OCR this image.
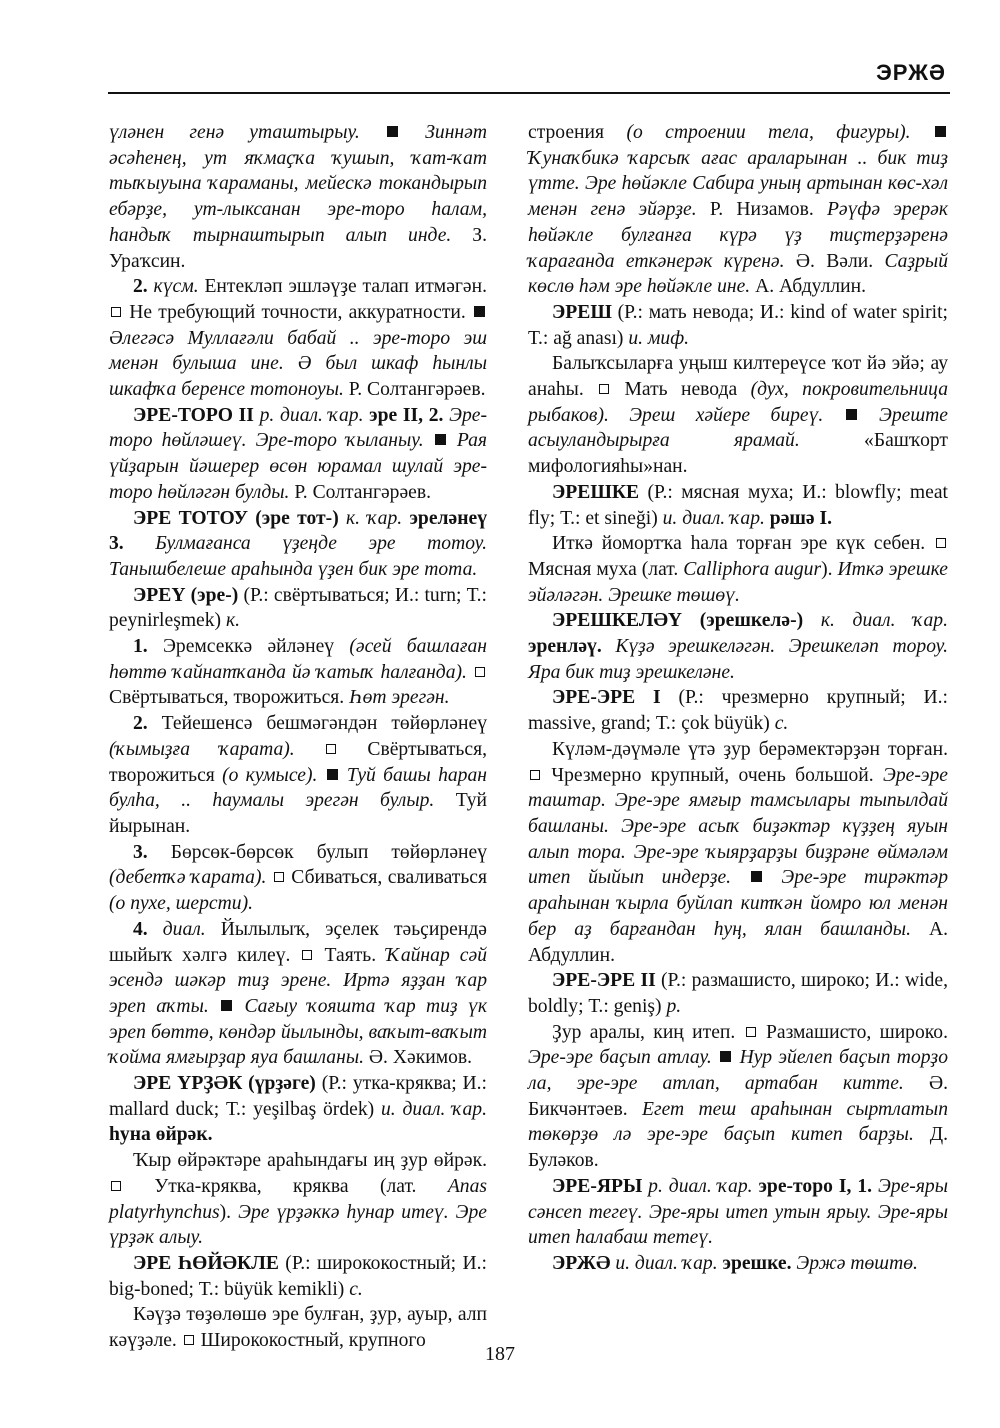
ЭРЖӘ

үләнен генә уташтырыу.  Зиннәт әсәһенең, ут яҡмаҫҡа ҡушып, ҡат-ҡат тыҡыуына ҡараманы, мейескә токандырып ебәрҙе, ут-лыксанан эре-торо һалам, һандыҡ тырнаштырып алып инде. З. Ураҡсин.

2. күсм. Ентекләп эшләүҙе талап итмәгән.  Не требующий точности, аккуратности.  Әлегәсә Муллағәли бабай .. эре-торо эш менән булыша ине. Ә был шкаф һынлы шкафҡа беренсе тотоноуы. Р. Солтангәрәев.

ЭРЕ-ТОРО II р. диал. ҡар. эре II, 2. Эре-торо һөйләшеү. Эре-торо ҡыланыу.  Рая үйҙарын йәшерер өсөн юрамал шулай эре-торо һөйләгән булды. Р. Солтангәрәев.

ЭРЕ ТОТОУ (эре тот-) к. ҡар. эреләнеү 3. Булмағанса үҙеңде эре тотоу. Танышбелеше араһында үҙен бик эре тота.

ЭРЕҮ (эре-) (Р.: свёртываться; И.: turn; Т.: peynirleşmek) к.

1. Эремсеккә әйләнеү (әсей башлаған һөттө ҡайнатҡанда йә ҡатыҡ һалғанда).  Свёртываться, творожиться. Һөт эрегән.

2. Тейешенсә бешмәгәндән төйөрләнеү (ҡымыҙға ҡарата).  Свёртываться, творожиться (о кумысе).  Туй башы һаран булһа, .. һаумалы эрегән булыр. Туй йырынан.

3. Бөрсөк-бөрсөк булып төйөрләнеү (дебетҡә ҡарата).  Сбиваться, сваливаться (о пухе, шерсти).

4. диал. Йылылыҡ, эҫелек тәьҫирендә шыйыҡ хәлгә килеү.  Таять. Ҡайнар сәй эсендә шәкәр тиҙ эрене. Иртә яҙҙан ҡар эреп аҡты.  Сағыу ҡояшта ҡар тиҙ үк эреп бөттө, көндәр йылынды, ваҡыт-ваҡыт ҡойма ямғырҙар яуа башланы. Ә. Хәкимов.

ЭРЕ ҮРҘӘК (үрҙәге) (Р.: утка-кряква; И.: mallard duck; Т.: yeşilbaş ördek) и. диал. ҡар. һуна өйрәк.

Ҡыр өйрәктәре араһындағы иң ҙур өйрәк.  Утка-кряква, кряква (лат. Anas platyrhynchus). Эре үрҙәккә һунар итеү. Эре үрҙәк алыу.

ЭРЕ ҺӨЙӘКЛЕ (Р.: ширококостный; И.: big-boned; Т.: büyük kemikli) с.

Кәүҙә төҙөлөшө эре булған, ҙур, ауыр, алп кәүҙәле.  Ширококостный, крупного

строения (о строении тела, фигуры).  Ҡунаҡбикә ҡарсыҡ ағас араларынан .. бик тиҙ үтте. Эре һөйәкле Сабира уның артынан көс-хәл менән генә эйәрҙе. Р. Низамов. Рәүфә эрерәк һөйәкле булғанға күрә үҙ тиҫтерҙәренә ҡарағанда еткәнерәк күренә. Ә. Вәли. Саҙрый көслө һәм эре һөйәкле ине. А. Абдуллин.

ЭРЕШ (Р.: мать невода; И.: kind of water spirit; Т.: ağ anası) и. миф.

Балыҡсыларға уңыш килтереүсе ҡот йә эйә; ау анаһы.  Мать невода (дух, покровительница рыбаков). Эреш хәйере биреү.  Эреште асыуландырырға ярамай. «Башҡорт мифологияһы»нан.

ЭРЕШКЕ (Р.: мясная муха; И.: blowfly; meat fly; Т.: et sineği) и. диал. ҡар. рәшә I.

Иткә йомортҡа һала торған эре күк себен.  Мясная муха (лат. Calliphora augur). Иткә эрешке эйәләгән. Эрешке төшөү.

ЭРЕШКЕЛӘҮ (эрешкелә-) к. диал. ҡар. эренләү. Күҙә эрешкеләгән. Эрешкеләп тороу. Яра бик тиҙ эрешкеләне.

ЭРЕ-ЭРЕ I (Р.: чрезмерно крупный; И.: massive, grand; Т.: çok büyük) с.

Күләм-дәүмәле үтә ҙур берәмектәрҙән торған.  Чрезмерно крупный, очень большой. Эре-эре таштар. Эре-эре ямғыр тамсылары тыпылдай башланы. Эре-эре асыҡ биҙәктәр күҙҙең яуын алып тора. Эре-эре ҡыярҙарҙы биҙрәне өймәләм итеп йыйып индерҙе.  Эре-эре тирәктәр араһынан ҡырла буйлап китҡән йомро юл менән бер аҙ барғандан һуң, ялан башланды. А. Абдуллин.

ЭРЕ-ЭРЕ II (Р.: размашисто, широко; И.: wide, boldly; Т.: geniş) р.

Ҙур аралы, киң итеп.  Размашисто, широко. Эре-эре баҫып атлау.  Нур эйелеп баҫып торҙо ла, эре-эре атлап, артабан китте. Ә. Бикчәнтәев. Егет теш араһынан сыртлатып төкөрҙө лә эре-эре баҫып китеп барҙы. Д. Буләков.

ЭРЕ-ЯРЫ р. диал. ҡар. эре-торо I, 1. Эре-яры сәнсеп тегеү. Эре-яры итеп утын ярыу. Эре-яры итеп һалабаш тетеү.

ЭРЖӘ и. диал. ҡар. эрешке. Эржә төштө.

187
